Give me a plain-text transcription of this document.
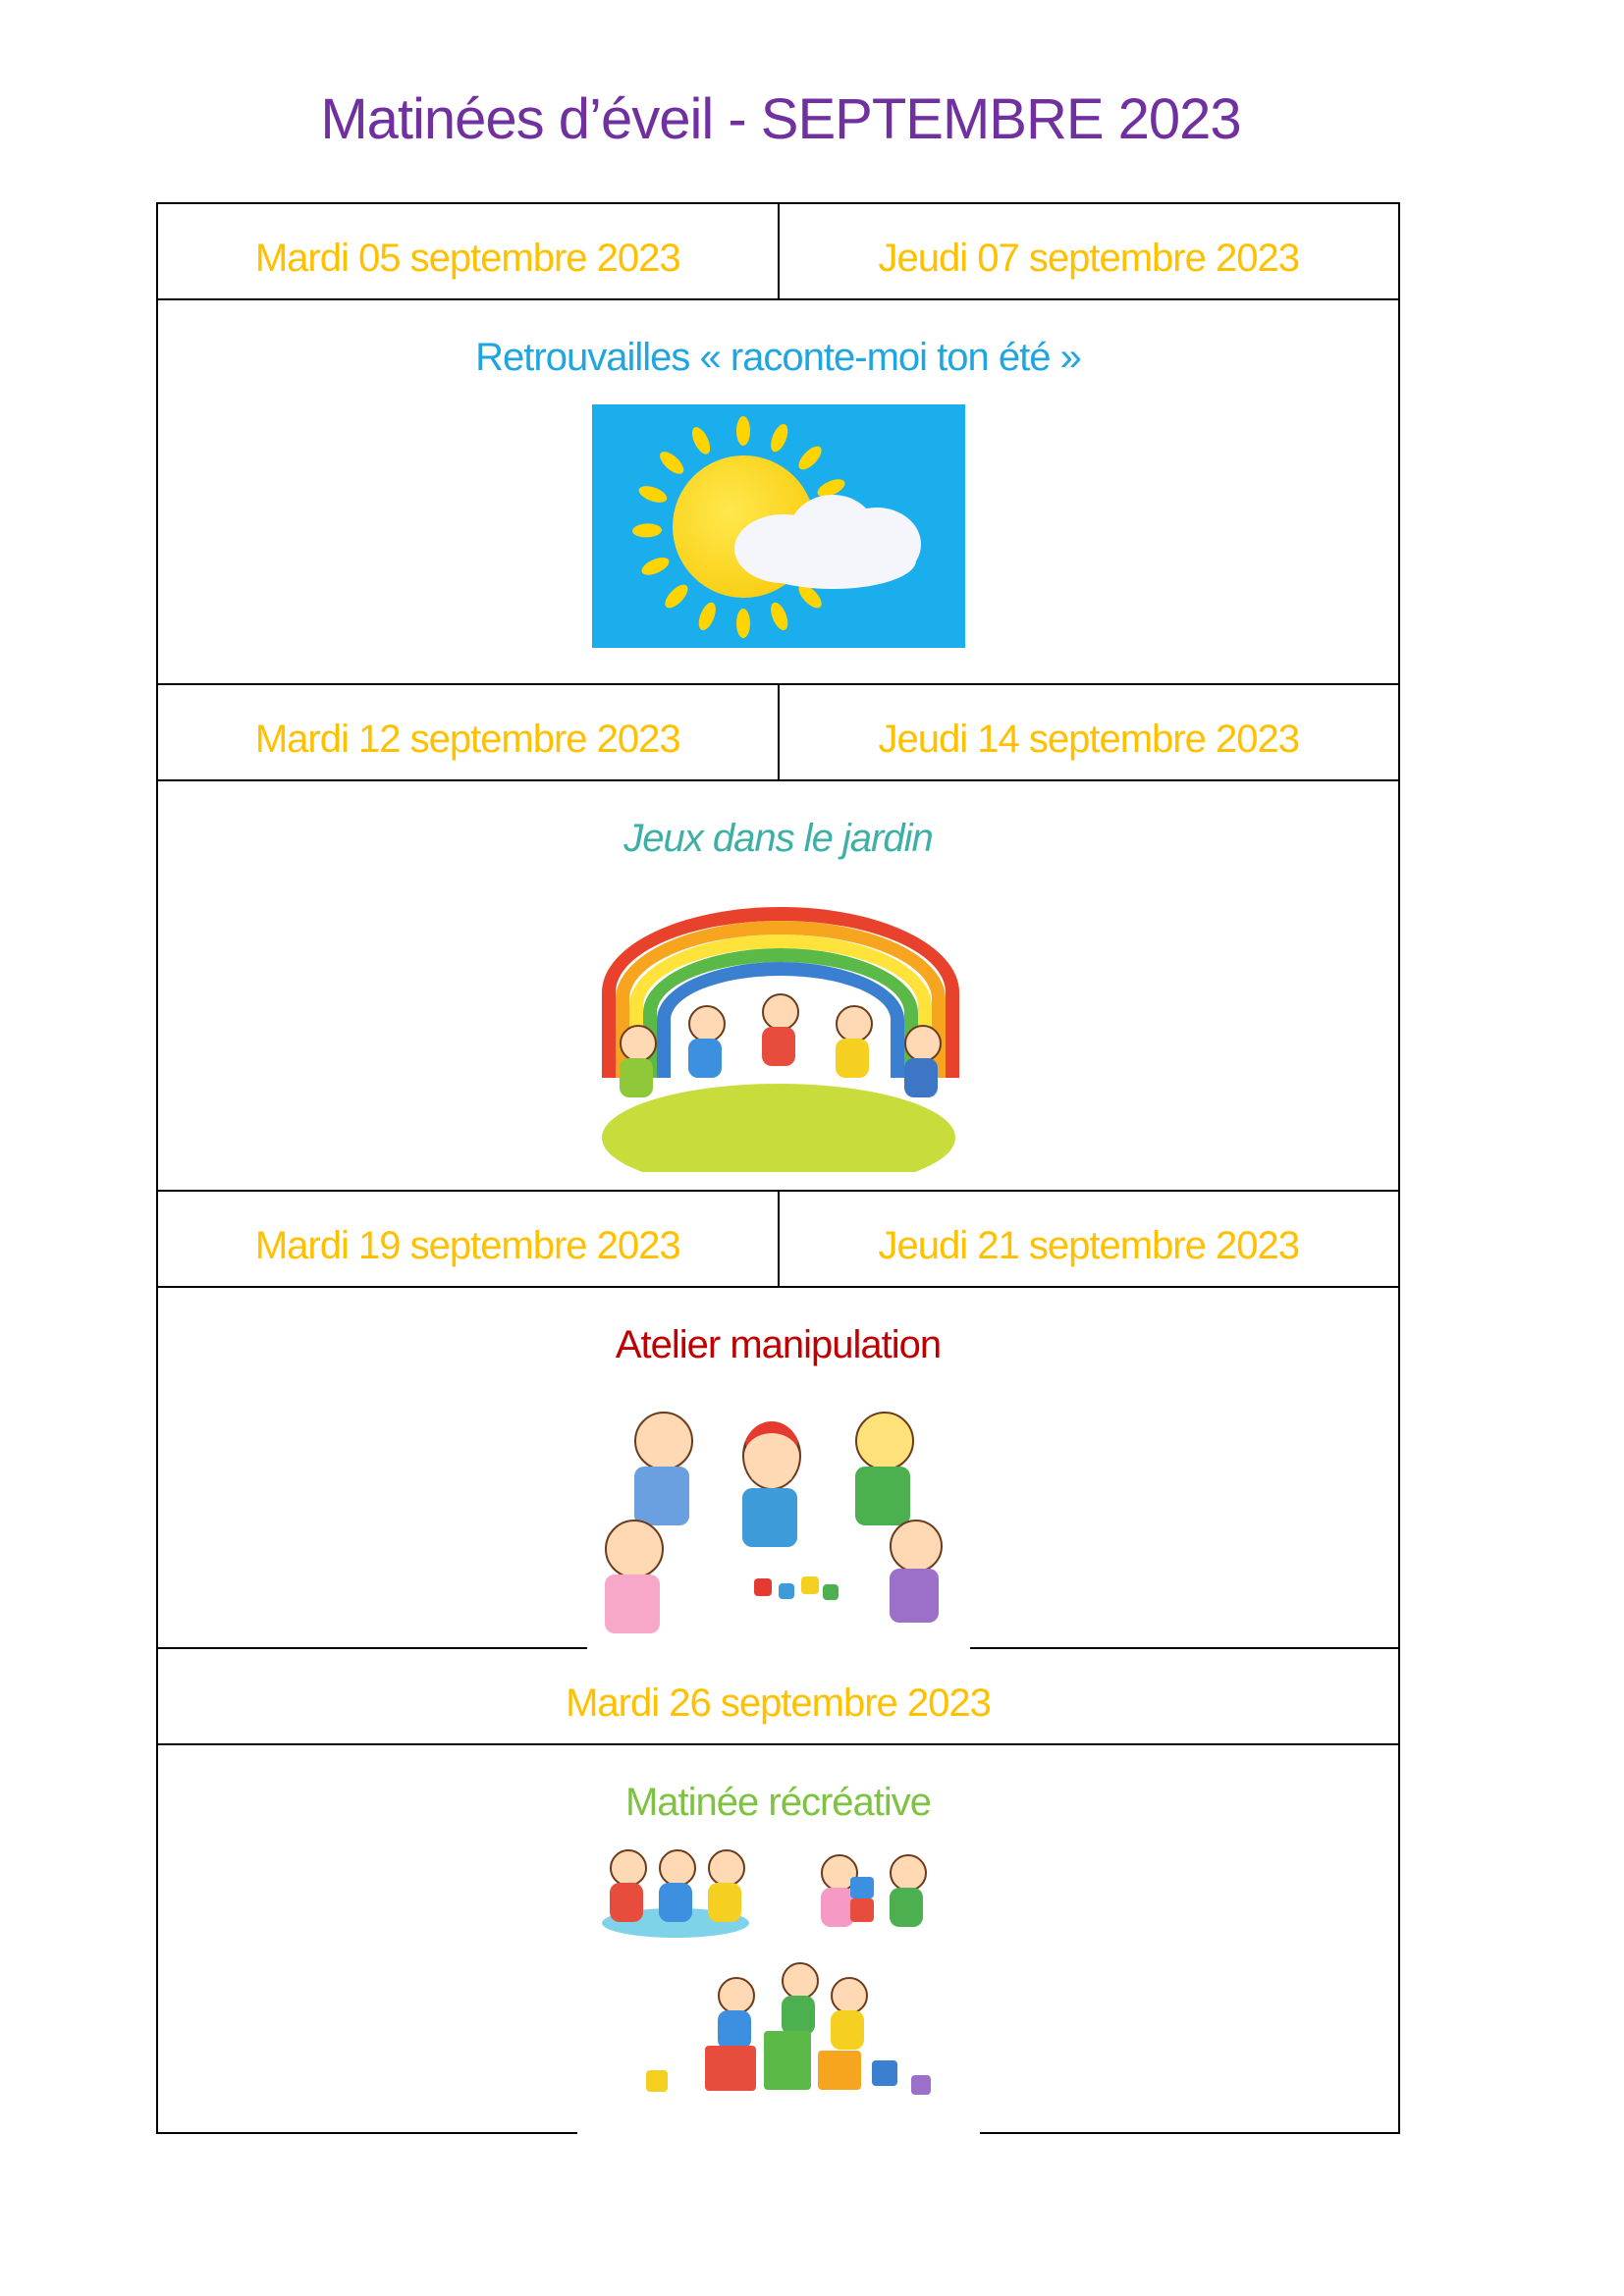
Matinées d’éveil - SEPTEMBRE 2023
Mardi 05 septembre 2023	Jeudi 07 septembre 2023
Retrouvailles « raconte-moi ton été »
Mardi 12 septembre 2023	Jeudi 14 septembre 2023
Jeux dans le jardin
Mardi 19 septembre 2023	Jeudi 21 septembre 2023
Atelier manipulation
Mardi 26 septembre 2023
Matinée récréative
